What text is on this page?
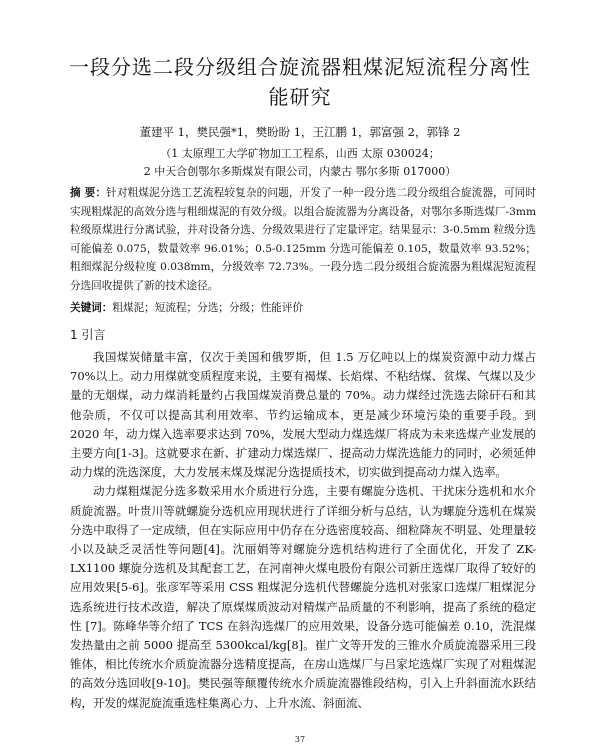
一段分选二段分级组合旋流器粗煤泥短流程分离性能研究
董建平 1，樊民强*1，樊盼盼 1，王江鹏 1，郭富强 2，郭锋 2
（1 太原理工大学矿物加工工程系，山西 太原 030024；
2 中天合创鄂尔多斯煤炭有限公司，内蒙古 鄂尔多斯 017000）
摘 要：针对粗煤泥分选工艺流程较复杂的问题，开发了一种一段分选二段分级组合旋流器，可同时实现粗煤泥的高效分选与粗细煤泥的有效分级。以组合旋流器为分离设备，对鄂尔多斯选煤厂-3mm 粒级原煤进行分离试验，并对设备分选、分级效果进行了定量评定。结果显示：3-0.5mm 粒级分选可能偏差 0.075，数量效率 96.01%；0.5-0.125mm 分选可能偏差 0.105，数量效率 93.52%；粗细煤泥分级粒度 0.038mm，分级效率 72.73%。一段分选二段分级组合旋流器为粗煤泥短流程分选回收提供了新的技术途径。
关键词：粗煤泥；短流程；分选；分级；性能评价
1 引言

我国煤炭储量丰富，仅次于美国和俄罗斯，但 1.5 万亿吨以上的煤炭资源中动力煤占 70%以上。动力用煤就变质程度来说，主要有褐煤、长焰煤、不粘结煤、贫煤、气煤以及少量的无烟煤，动力煤消耗量约占我国煤炭消费总量的 70%。动力煤经过洗选去除矸石和其他杂质，不仅可以提高其利用效率、节约运输成本，更是减少环境污染的重要手段。到 2020 年，动力煤入选率要求达到 70%，发展大型动力煤选煤厂将成为未来选煤产业发展的主要方向[1-3]。这就要求在新、扩建动力煤选煤厂、提高动力煤洗选能力的同时，必须延伸动力煤的洗选深度，大力发展末煤及煤泥分选提质技术，切实做到提高动力煤入选率。

动力煤粗煤泥分选多数采用水介质进行分选，主要有螺旋分选机、干扰床分选机和水介质旋流器。叶贵川等就螺旋分选机应用现状进行了详细分析与总结，认为螺旋分选机在煤炭分选中取得了一定成绩，但在实际应用中仍存在分选密度较高、细粒降灰不明显、处理量较小以及缺乏灵活性等问题[4]。沈丽娟等对螺旋分选机结构进行了全面优化，开发了 ZK-LX1100 螺旋分选机及其配套工艺，在河南神火煤电股份有限公司新庄选煤厂取得了较好的应用效果[5-6]。张彦军等采用 CSS 粗煤泥分选机代替螺旋分选机对张家口选煤厂粗煤泥分选系统进行技术改造，解决了原煤煤质波动对精煤产品质量的不利影响，提高了系统的稳定性 [7]。陈峰华等介绍了 TCS 在斜沟选煤厂的应用效果，设备分选可能偏差 0.10，洗混煤发热量由之前 5000 提高至 5300kcal/kg[8]。崔广文等开发的三锥水介质旋流器采用三段锥体，相比传统水介质旋流器分选精度提高，在房山选煤厂与吕家坨选煤厂实现了对粗煤泥的高效分选回收[9-10]。樊民强等颠覆传统水介质旋流器锥段结构，引入上升斜面流水跃结构，开发的煤泥旋流重选柱集离心力、上升水流、斜面流、

37
